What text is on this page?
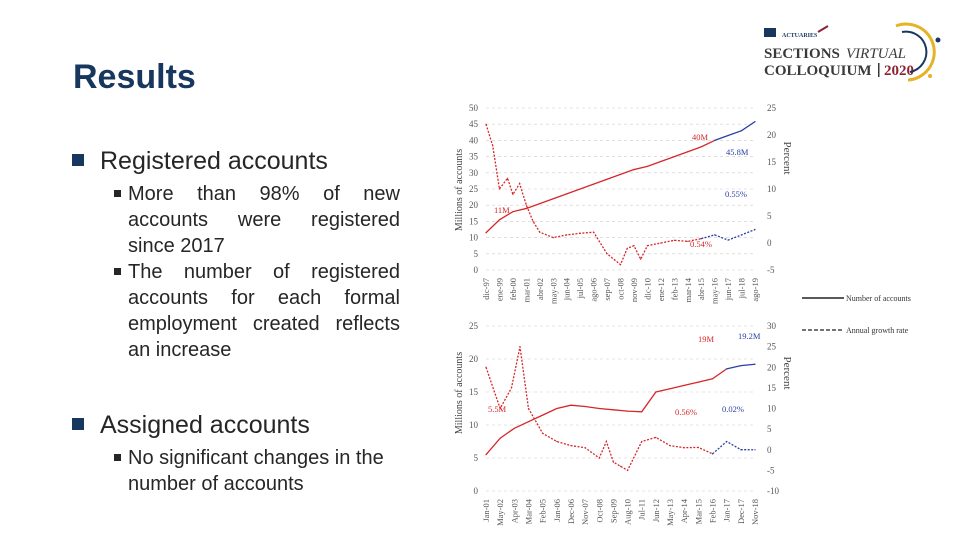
Results
Registered accounts
More than 98% of new accounts were registered since 2017
The number of registered accounts for each formal employment created reflects an increase
Assigned accounts
No significant changes in the number of accounts
ACTUARIES
SECTIONS VIRTUAL
COLLOQUIUM 2020
Millions of accounts	Percent
0
5
10
15
20
25
30
35
40
45
50
-5
0
5
10
15
20
25
dic-97 ene-99 feb-00 mar-01 abr-02 may-03 jun-04 jul-05 ago-06 sep-07 oct-08 nov-09 dic-10 ene-12 feb-13 mar-14 abr-15 may-16 jun-17 jul-18 ago-19
40M
45.8M
11M
0.55%
0.54%
Millions of accounts	Percent
0
5
10
15
20
25
-10
-5
0
5
10
15
20
25
30
Jan-01 May-02 Apr-03 Mar-04 Feb-05 Jan-06 Dec-06 Nov-07 Oct-08 Sep-09 Aug-10 Jul-11 Jun-12 May-13 Apr-14 Mar-15 Feb-16 Jan-17 Dec-17 Nov-18
19M	19.2M
5.5M	0.56%	0.02%
Number of accounts
Annual growth rate
